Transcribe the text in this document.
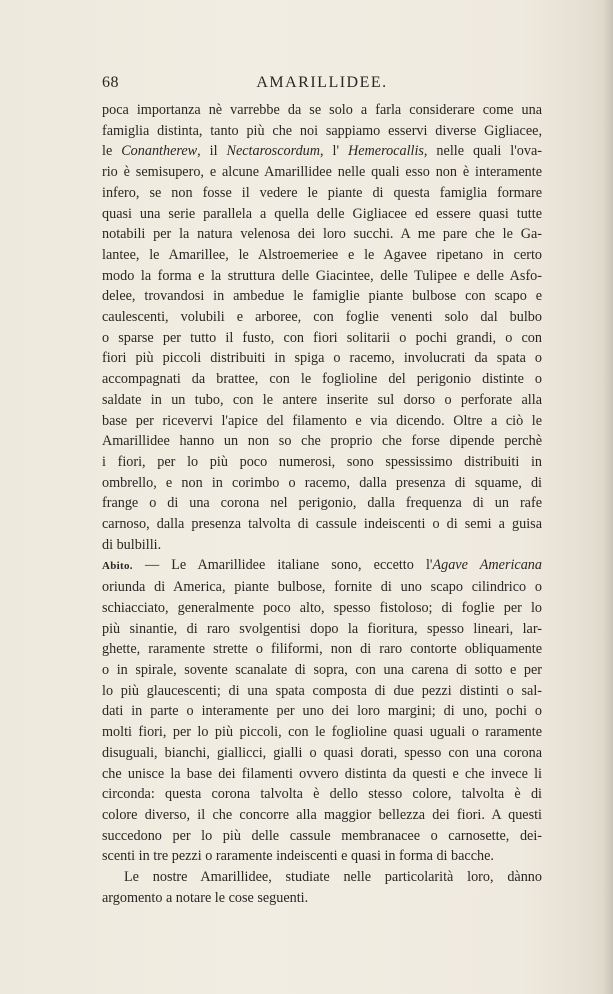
68	AMARILLIDEE.
poca importanza nè varrebbe da se solo a farla considerare come una
famiglia distinta, tanto più che noi sappiamo esservi diverse Gigliacee,
le Conantherew, il Nectaroscordum, l' Hemerocallis, nelle quali l'ova-
rio è semisupero, e alcune Amarillidee nelle quali esso non è interamente
infero, se non fosse il vedere le piante di questa famiglia formare
quasi una serie parallela a quella delle Gigliacee ed essere quasi tutte
notabili per la natura velenosa dei loro succhi. A me pare che le Ga-
lantee, le Amarillee, le Alstroemeriee e le Agavee ripetano in certo
modo la forma e la struttura delle Giacintee, delle Tulipee e delle Asfo-
delee, trovandosi in ambedue le famiglie piante bulbose con scapo e
caulescenti, volubili e arboree, con foglie venenti solo dal bulbo
o sparse per tutto il fusto, con fiori solitarii o pochi grandi, o con
fiori più piccoli distribuiti in spiga o racemo, involucrati da spata o
accompagnati da brattee, con le foglioline del perigonio distinte o
saldate in un tubo, con le antere inserite sul dorso o perforate alla
base per ricevervi l'apice del filamento e via dicendo. Oltre a ciò le
Amarillidee hanno un non so che proprio che forse dipende perchè
i fiori, per lo più poco numerosi, sono spessissimo distribuiti in
ombrello, e non in corimbo o racemo, dalla presenza di squame, di
frange o di una corona nel perigonio, dalla frequenza di un rafe
carnoso, dalla presenza talvolta di cassule indeiscenti o di semi a guisa
di bulbilli.
Abito. — Le Amarillidee italiane sono, eccetto l'Agave Americana
oriunda di America, piante bulbose, fornite di uno scapo cilindrico o
schiacciato, generalmente poco alto, spesso fistoloso; di foglie per lo
più sinantie, di raro svolgentisi dopo la fioritura, spesso lineari, lar-
ghette, raramente strette o filiformi, non di raro contorte obliquamente
o in spirale, sovente scanalate di sopra, con una carena di sotto e per
lo più glaucescenti; di una spata composta di due pezzi distinti o sal-
dati in parte o interamente per uno dei loro margini; di uno, pochi o
molti fiori, per lo più piccoli, con le foglioline quasi uguali o raramente
disuguali, bianchi, giallicci, gialli o quasi dorati, spesso con una corona
che unisce la base dei filamenti ovvero distinta da questi e che invece li
circonda: questa corona talvolta è dello stesso colore, talvolta è di
colore diverso, il che concorre alla maggior bellezza dei fiori. A questi
succedono per lo più delle cassule membranacee o carnosette, dei-
scenti in tre pezzi o raramente indeiscenti e quasi in forma di bacche.
Le nostre Amarillidee, studiate nelle particolarità loro, dànno
argomento a notare le cose seguenti.
